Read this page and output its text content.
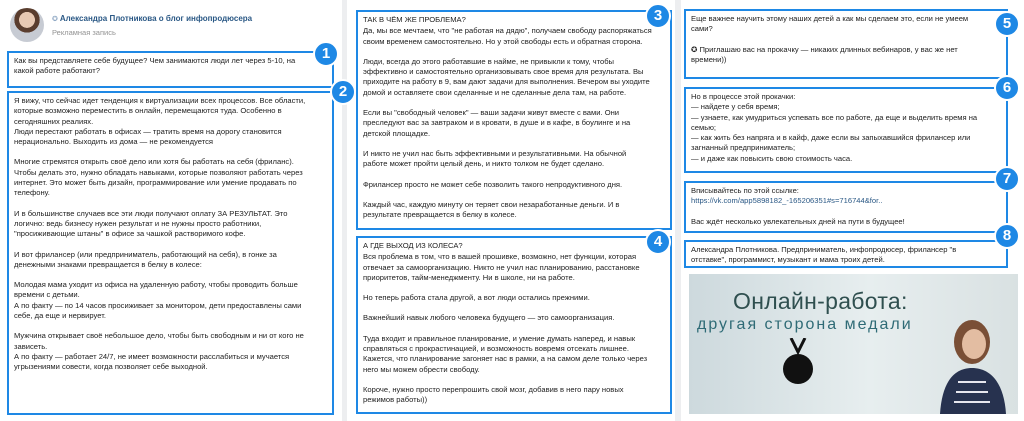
✪ Александра Плотникова о блог инфопродюсера
Рекламная запись

Как вы представляете себе будущее? Чем занимаются люди лет через 5-10, на какой работе работают?

Я вижу, что сейчас идет тенденция к виртуализации всех процессов. Все области, которые возможно переместить в онлайн, перемещаются туда. Особенно в сегодняшних реалиях.
Люди перестают работать в офисах — тратить время на дорогу становится нерационально. Выходить из дома — не рекомендуется

Многие стремятся открыть своё дело или хотя бы работать на себя (фриланс). Чтобы делать это, нужно обладать навыками, которые позволяют работать через интернет. Это может быть дизайн, программирование или умение продавать по телефону.

И в большинстве случаев все эти люди получают оплату ЗА РЕЗУЛЬТАТ. Это логично: ведь бизнесу нужен результат и не нужны просто работники, "просиживающие штаны" в офисе за чашкой растворимого кофе.

И вот фрилансер (или предприниматель, работающий на себя), в гонке за денежными знаками превращается в белку в колесе:

Молодая мама уходит из офиса на удаленную работу, чтобы проводить больше времени с детьми.
А по факту — по 14 часов просиживает за монитором, дети предоставлены сами себе, да еще и нервирует.

Мужчина открывает своё небольшое дело, чтобы быть свободным и ни от кого не зависеть.
А по факту — работает 24/7, не имеет возможности расслабиться и мучается угрызениями совести, когда позволяет себе выходной.

ТАК В ЧЁМ ЖЕ ПРОБЛЕМА?

Да, мы все мечтаем, что "не работая на дядю", получаем свободу распоряжаться своим временем самостоятельно. Но у этой свободы есть и обратная сторона.

Люди, всегда до этого работавшие в найме, не привыкли к тому, чтобы эффективно и самостоятельно организовывать свое время для результата. Вы приходите на работу в 9, вам дают задачи для выполнения. Вечером вы уходите домой и оставляете свои сделанные и не сделанные дела там, на работе.

Если вы "свободный человек" — ваши задачи живут вместе с вами. Они преследуют вас за завтраком и в кровати, в душе и в кафе, в боулинге и на детской площадке.

И никто не учил нас быть эффективными и результативными. На обычной работе может пройти целый день, и никто толком не будет сделано.

Фрилансер просто не может себе позволить такого непродуктивного дня.

Каждый час, каждую минуту он теряет свои незаработанные деньги. И в результате превращается в белку в колесе.

А ГДЕ ВЫХОД ИЗ КОЛЕСА?

Вся проблема в том, что в вашей прошивке, возможно, нет функции, которая отвечает за самоорганизацию. Никто не учил нас планированию, расстановке приоритетов, тайм-менеджменту. Ни в школе, ни на работе.

Но теперь работа стала другой, а вот люди остались прежними.

Важнейший навык любого человека будущего — это самоорганизация.

Туда входит и правильное планирование, и умение думать наперед, и навык справляться с прокрастинацией, и возможность вовремя отсекать лишнее. Кажется, что планирование загоняет нас в рамки, а на самом деле только через него мы можем обрести свободу.

Короче, нужно просто перепрошить свой мозг, добавив в него пару новых режимов работы))

Еще важнее научить этому наших детей а как мы сделаем это, если не умеем сами?

✪ Приглашаю вас на прокачку — никаких длинных вебинаров, у вас же нет времени))

Но в процессе этой прокачки:
— найдете у себя время;
— узнаете, как умудриться успевать все по работе, да еще и выделить время на семью;
— как жить без напряга и в кайф, даже если вы запыхавшийся фрилансер или загнанный предприниматель;
— и даже как повысить свою стоимость часа.

Вписывайтесь по этой ссылке:
https://vk.com/app5898182_-165206351#s=716744&for..
Вас ждёт несколько увлекательных дней на пути в будущее!

Александра Плотникова. Предприниматель, инфопродюсер, фрилансер "в отставке", программист, музыкант и мама троих детей.

Онлайн-работа:
другая сторона медали
1
2
3
4
5
6
7
8
